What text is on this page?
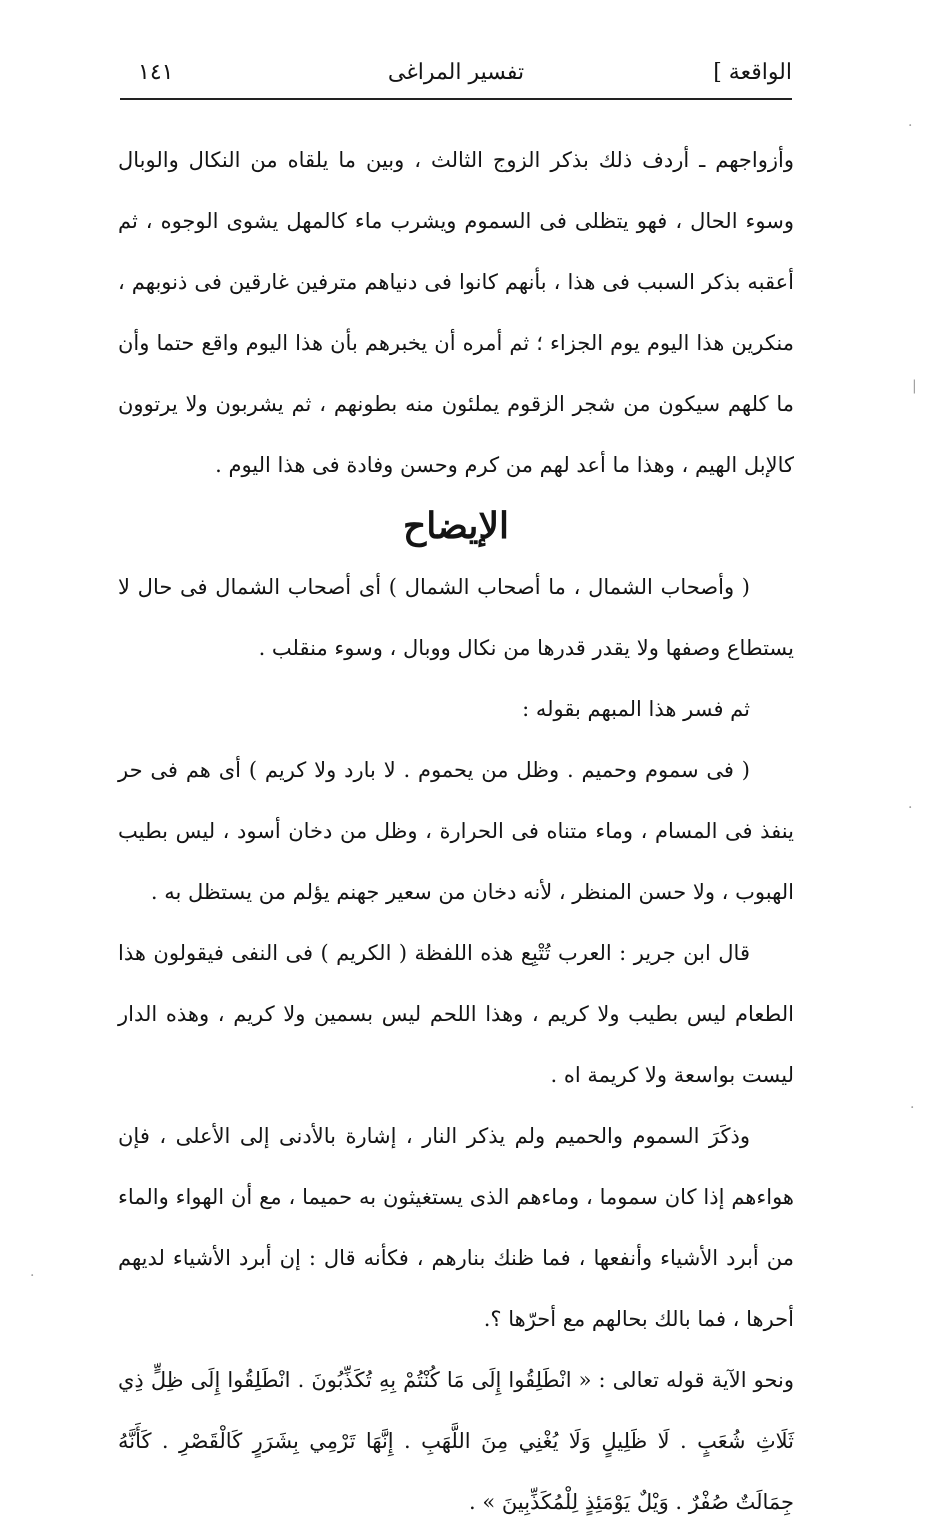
الواقعة ]
تفسير المراغى
١٤١

وأزواجهم ـ أردف ذلك بذكر الزوج الثالث ، وبين ما يلقاه من النكال والوبال وسوء الحال ، فهو يتظلى فى السموم ويشرب ماء كالمهل يشوى الوجوه ، ثم أعقبه بذكر السبب فى هذا ، بأنهم كانوا فى دنياهم مترفين غارقين فى ذنوبهم ، منكرين هذا اليوم يوم الجزاء ؛ ثم أمره أن يخبرهم بأن هذا اليوم واقع حتما وأن ما كلهم سيكون من شجر الزقوم يملئون منه بطونهم ، ثم يشربون ولا يرتوون كالإبل الهيم ، وهذا ما أعد لهم من كرم وحسن وفادة فى هذا اليوم .

الإيضاح

( وأصحاب الشمال ، ما أصحاب الشمال ) أى أصحاب الشمال فى حال لا يستطاع وصفها ولا يقدر قدرها من نكال ووبال ، وسوء منقلب .

ثم فسر هذا المبهم بقوله :

( فى سموم وحميم . وظل من يحموم . لا بارد ولا كريم ) أى هم فى حر ينفذ فى المسام ، وماء متناه فى الحرارة ، وظل من دخان أسود ، ليس بطيب الهبوب ، ولا حسن المنظر ، لأنه دخان من سعير جهنم يؤلم من يستظل به .

قال ابن جرير : العرب تُتْبِع هذه اللفظة ( الكريم ) فى النفى فيقولون هذا الطعام ليس بطيب ولا كريم ، وهذا اللحم ليس بسمين ولا كريم ، وهذه الدار ليست بواسعة ولا كريمة اه .

وذكَرَ السموم والحميم ولم يذكر النار ، إشارة بالأدنى إلى الأعلى ، فإن هواءهم إذا كان سموما ، وماءهم الذى يستغيثون به حميما ، مع أن الهواء والماء من أبرد الأشياء وأنفعها ، فما ظنك بنارهم ، فكأنه قال : إن أبرد الأشياء لديهم أحرها ، فما بالك بحالهم مع أحرّها ؟.

ونحو الآية قوله تعالى : « انْطَلِقُوا إِلَى مَا كُنْتُمْ بِهِ تُكَذِّبُونَ . انْطَلِقُوا إِلَى ظِلٍّ ذِي ثَلَاثِ شُعَبٍ . لَا ظَلِيلٍ وَلَا يُغْنِي مِنَ اللَّهَبِ . إِنَّهَا تَرْمِي بِشَرَرٍ كَالْقَصْرِ . كَأَنَّهُ جِمَالَتٌ صُفْرٌ . وَيْلٌ يَوْمَئِذٍ لِلْمُكَذِّبِينَ » .

·
|
·
·
·
